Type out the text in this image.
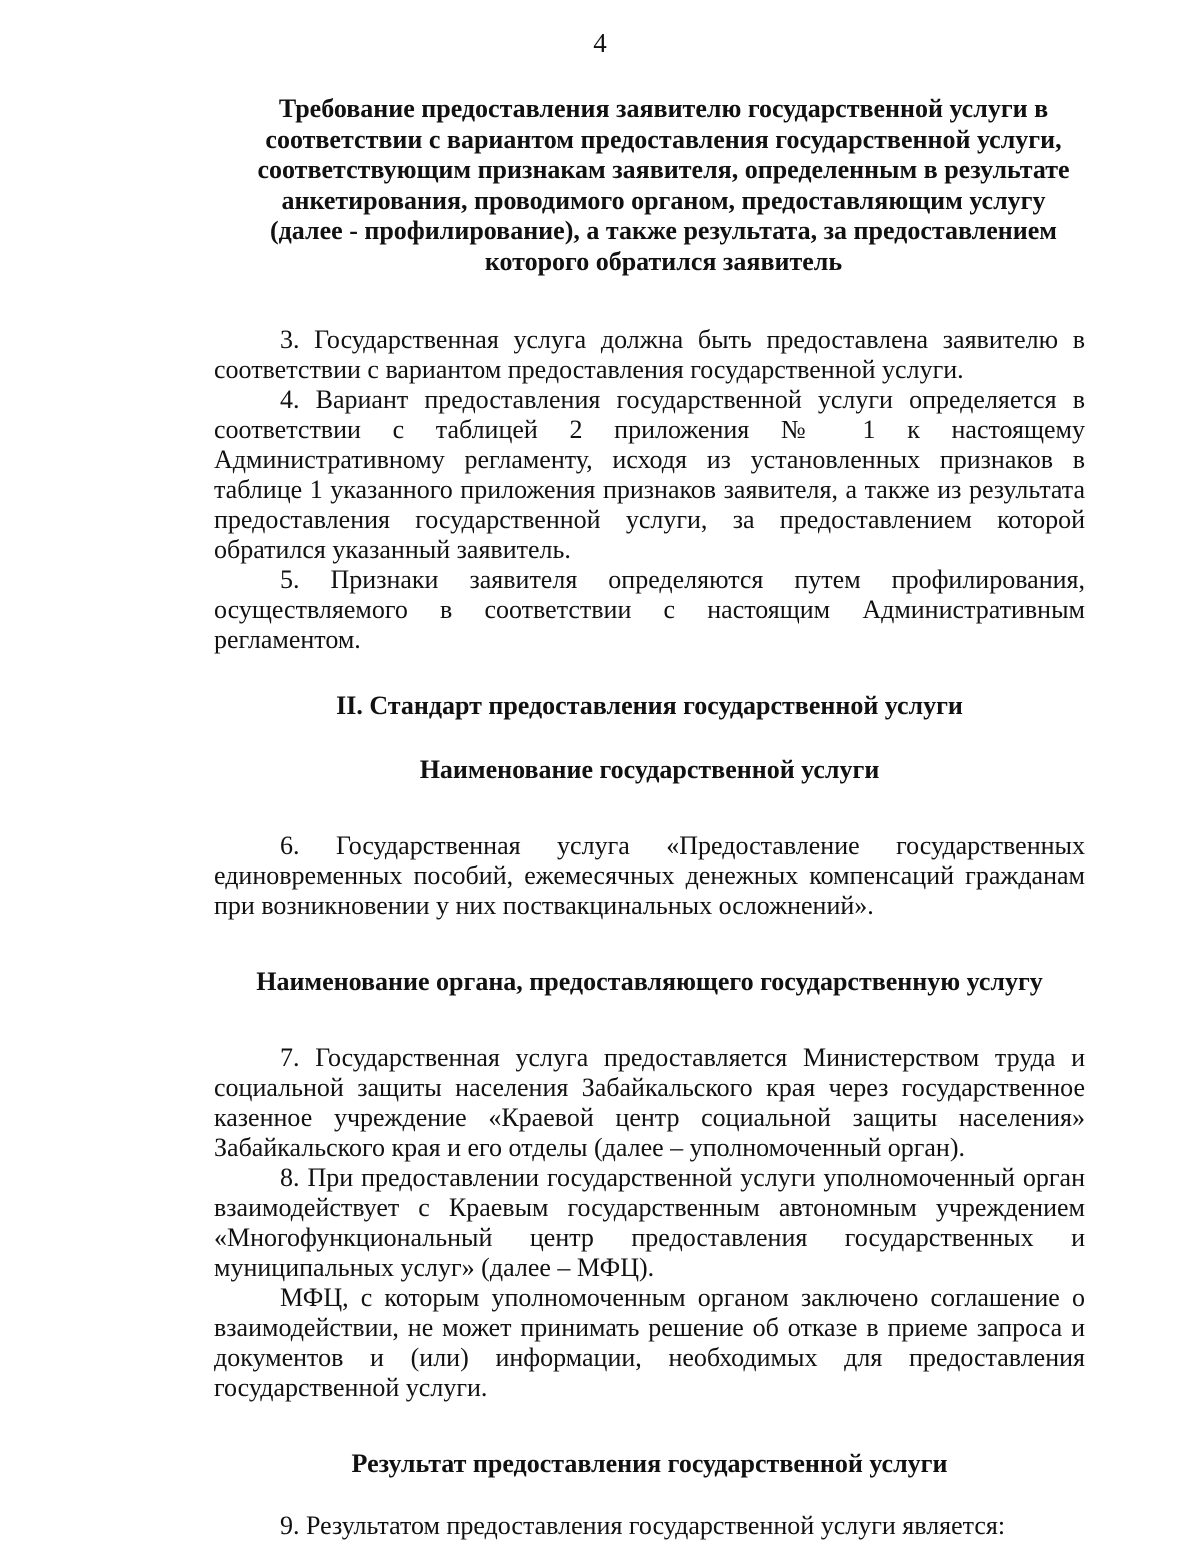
4

Требование предоставления заявителю государственной услуги в соответствии с вариантом предоставления государственной услуги, соответствующим признакам заявителя, определенным в результате анкетирования, проводимого органом, предоставляющим услугу (далее - профилирование), а также результата, за предоставлением которого обратился заявитель

3. Государственная услуга должна быть предоставлена заявителю в соответствии с вариантом предоставления государственной услуги.

4. Вариант предоставления государственной услуги определяется в соответствии с таблицей 2 приложения № 1 к настоящему Административному регламенту, исходя из установленных признаков в таблице 1 указанного приложения признаков заявителя, а также из результата предоставления государственной услуги, за предоставлением которой обратился указанный заявитель.

5. Признаки заявителя определяются путем профилирования, осуществляемого в соответствии с настоящим Административным регламентом.

II. Стандарт предоставления государственной услуги

Наименование государственной услуги

6. Государственная услуга «Предоставление государственных единовременных пособий, ежемесячных денежных компенсаций гражданам при возникновении у них поствакцинальных осложнений».

Наименование органа, предоставляющего государственную услугу

7. Государственная услуга предоставляется Министерством труда и социальной защиты населения Забайкальского края через государственное казенное учреждение «Краевой центр социальной защиты населения» Забайкальского края и его отделы (далее – уполномоченный орган).

8. При предоставлении государственной услуги уполномоченный орган взаимодействует с Краевым государственным автономным учреждением «Многофункциональный центр предоставления государственных и муниципальных услуг» (далее – МФЦ).

МФЦ, с которым уполномоченным органом заключено соглашение о взаимодействии, не может принимать решение об отказе в приеме запроса и документов и (или) информации, необходимых для предоставления государственной услуги.

Результат предоставления государственной услуги

9. Результатом предоставления государственной услуги является:
